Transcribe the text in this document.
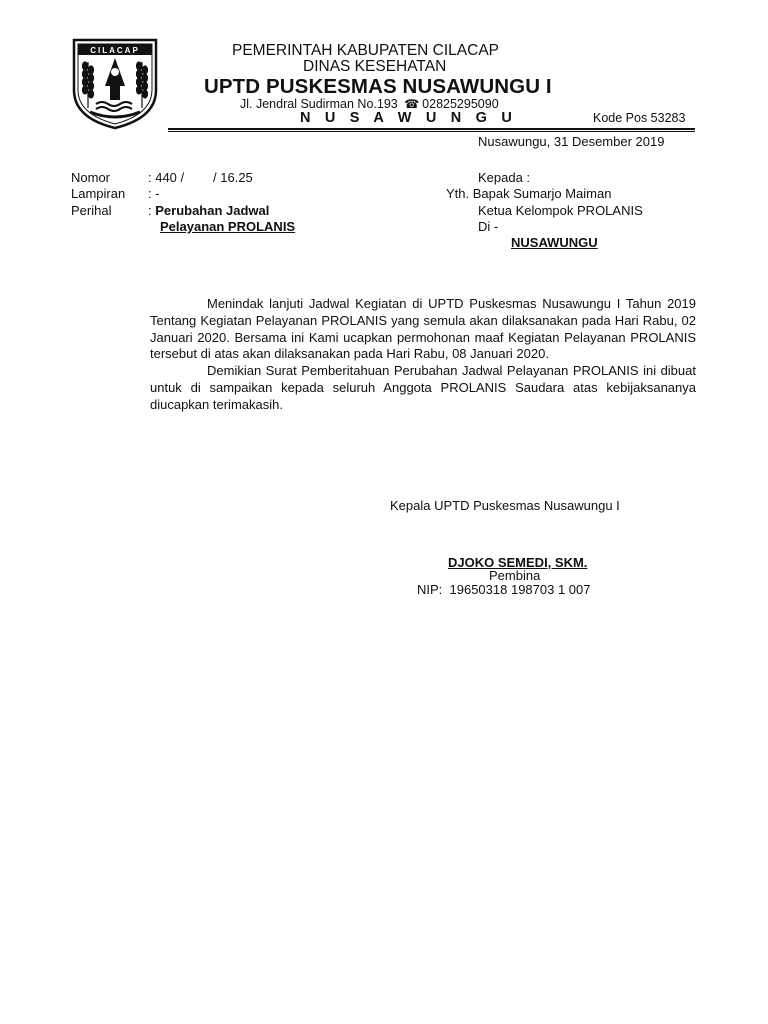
CILACAP	PEMERINTAH KABUPATEN CILACAP
DINAS KESEHATAN
UPTD PUSKESMAS NUSAWUNGU I
Jl. Jendral Sudirman No.193 ☎ 02825295090
N U S A W U N G U	Kode Pos 53283
Nusawungu, 31 Desember 2019
Nomor	: 440 /        / 16.25
Lampiran : -
Perihal	: Perubahan Jadwal
Pelayanan PROLANIS
Kepada :
Yth. Bapak Sumarjo Maiman
Ketua Kelompok PROLANIS
Di -
NUSAWUNGU

Menindak lanjuti Jadwal Kegiatan di UPTD Puskesmas Nusawungu I Tahun 2019 Tentang Kegiatan Pelayanan PROLANIS yang semula akan dilaksanakan pada Hari Rabu, 02 Januari 2020. Bersama ini Kami ucapkan permohonan maaf Kegiatan Pelayanan PROLANIS tersebut di atas akan dilaksanakan pada Hari Rabu, 08 Januari 2020.

Demikian Surat Pemberitahuan Perubahan Jadwal Pelayanan PROLANIS ini dibuat untuk di sampaikan kepada seluruh Anggota PROLANIS Saudara atas kebijaksananya diucapkan terimakasih.

Kepala UPTD Puskesmas Nusawungu I
DJOKO SEMEDI, SKM.
Pembina
NIP:  19650318 198703 1 007
